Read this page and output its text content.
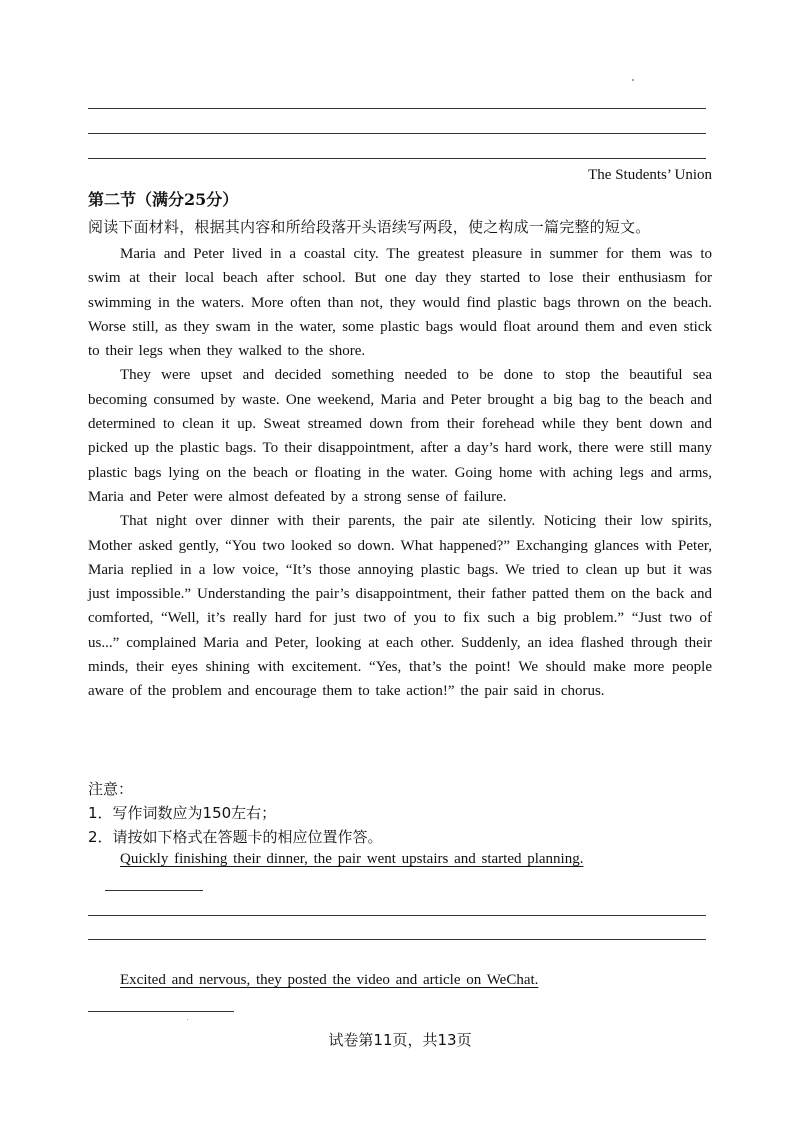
The Students’ Union
第二节（满分25分）
阅读下面材料，根据其内容和所给段落开头语续写两段，使之构成一篇完整的短文。

Maria and Peter lived in a coastal city. The greatest pleasure in summer for them was to swim at their local beach after school. But one day they started to lose their enthusiasm for swimming in the waters. More often than not, they would find plastic bags thrown on the beach. Worse still, as they swam in the water, some plastic bags would float around them and even stick to their legs when they walked to the shore.

They were upset and decided something needed to be done to stop the beautiful sea becoming consumed by waste. One weekend, Maria and Peter brought a big bag to the beach and determined to clean it up. Sweat streamed down from their forehead while they bent down and picked up the plastic bags. To their disappointment, after a day’s hard work, there were still many plastic bags lying on the beach or floating in the water. Going home with aching legs and arms, Maria and Peter were almost defeated by a strong sense of failure.

That night over dinner with their parents, the pair ate silently. Noticing their low spirits, Mother asked gently, “You two looked so down. What happened?” Exchanging glances with Peter, Maria replied in a low voice, “It’s those annoying plastic bags. We tried to clean up but it was just impossible.” Understanding the pair’s disappointment, their father patted them on the back and comforted, “Well, it’s really hard for just two of you to fix such a big problem.” “Just two of us...” complained Maria and Peter, looking at each other. Suddenly, an idea flashed through their minds, their eyes shining with excitement. “Yes, that’s the point! We should make more people aware of the problem and encourage them to take action!” the pair said in chorus.

注意：
1．写作词数应为150左右；
2．请按如下格式在答题卡的相应位置作答。
Quickly finishing their dinner, the pair went upstairs and started planning.
Excited and nervous, they posted the video and article on WeChat.
试卷第11页，共13页
